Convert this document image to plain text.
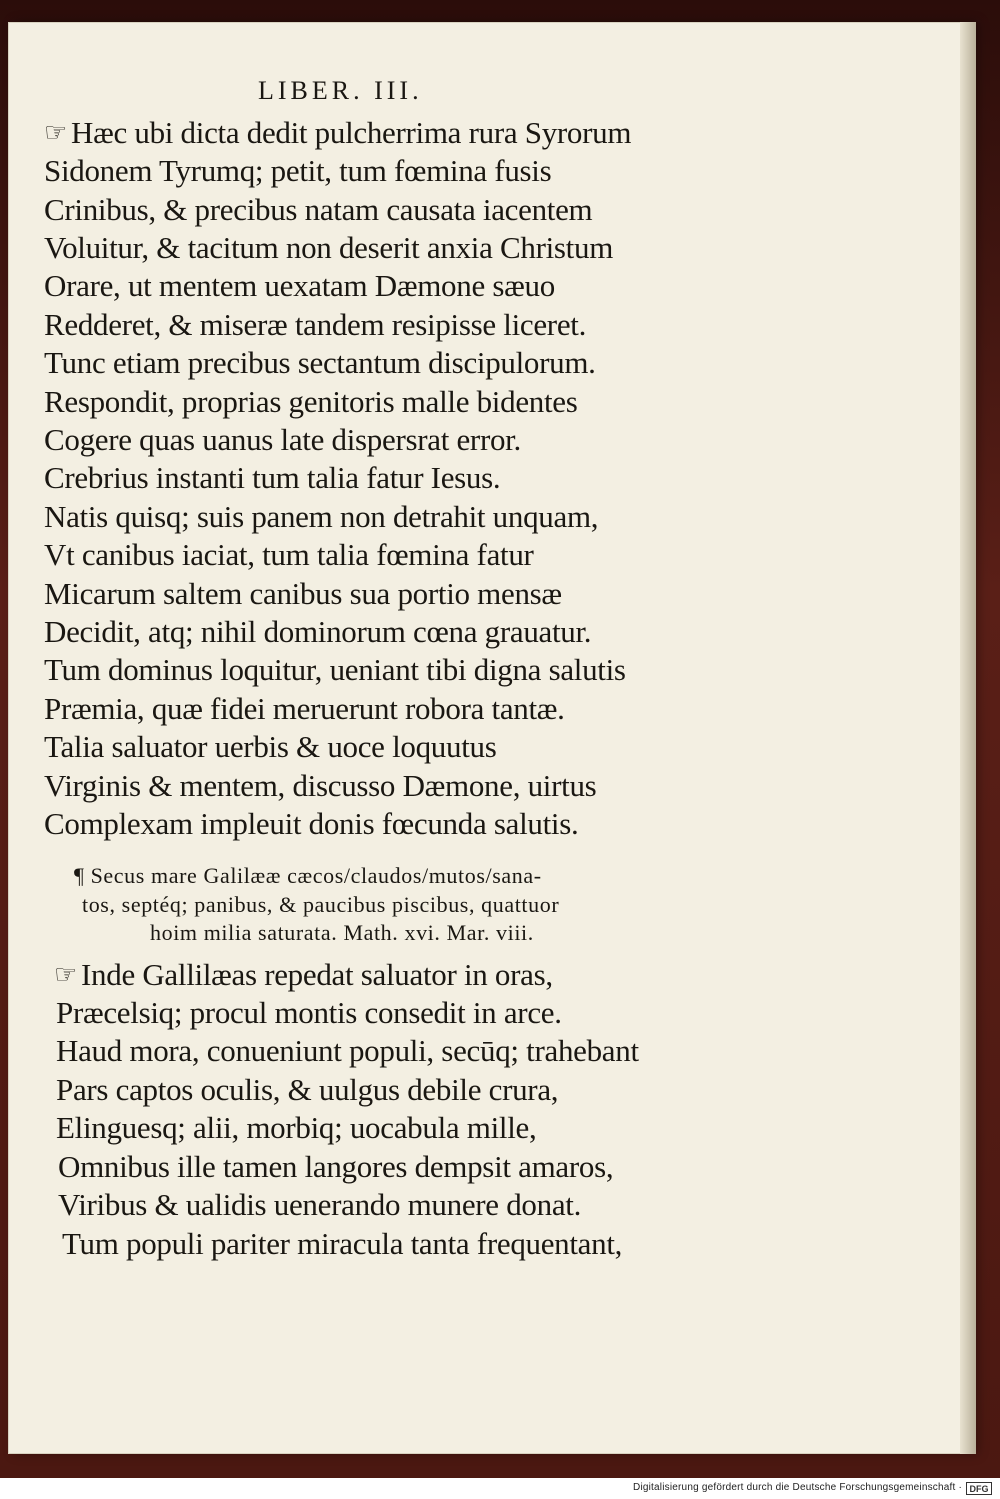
LIBER. III.
☞ Hæc ubi dicta dedit pulcherrima rura Syrorum
Sidonem Tyrumq; petit, tum fœmina fusis
Crinibus, & precibus natam causata iacentem
Voluitur, & tacitum non deserit anxia Christum
Orare, ut mentem uexatam Dæmone sæuo
Redderet, & miseræ tandem resipisse liceret.
Tunc etiam precibus sectantum discipulorum.
Respondit, proprias genitoris malle bidentes
Cogere quas uanus late dispersrat error.
Crebrius instanti tum talia fatur Iesus.
Natis quisq; suis panem non detrahit unquam,
Vt canibus iaciat, tum talia fœmina fatur
Micarum saltem canibus sua portio mensæ
Decidit, atq; nihil dominorum cœna grauatur.
Tum dominus loquitur, ueniant tibi digna salutis
Præmia, quæ fidei meruerunt robora tantæ.
Talia saluator uerbis & uoce loquutus
Virginis & mentem, discusso Dæmone, uirtus
Complexam impleuit donis fœcunda salutis.
¶ Secus mare Galilææ cæcos/claudos/mutos/sana-
tos, septéq; panibus, & paucibus piscibus, quattuor
hoim milia saturata. Math. xvi. Mar. viii.
☞ Inde Gallilæas repedat saluator in oras,
Præcelsiq; procul montis consedit in arce.
Haud mora, conueniunt populi, secūq; trahebant
Pars captos oculis, & uulgus debile crura,
Elinguesq; alii, morbiq; uocabula mille,
Omnibus ille tamen langores dempsit amaros,
Viribus & ualidis uenerando munere donat.
Tum populi pariter miracula tanta frequentant,
Digitalisierung gefördert durch die Deutsche Forschungsgemeinschaft · DFG
